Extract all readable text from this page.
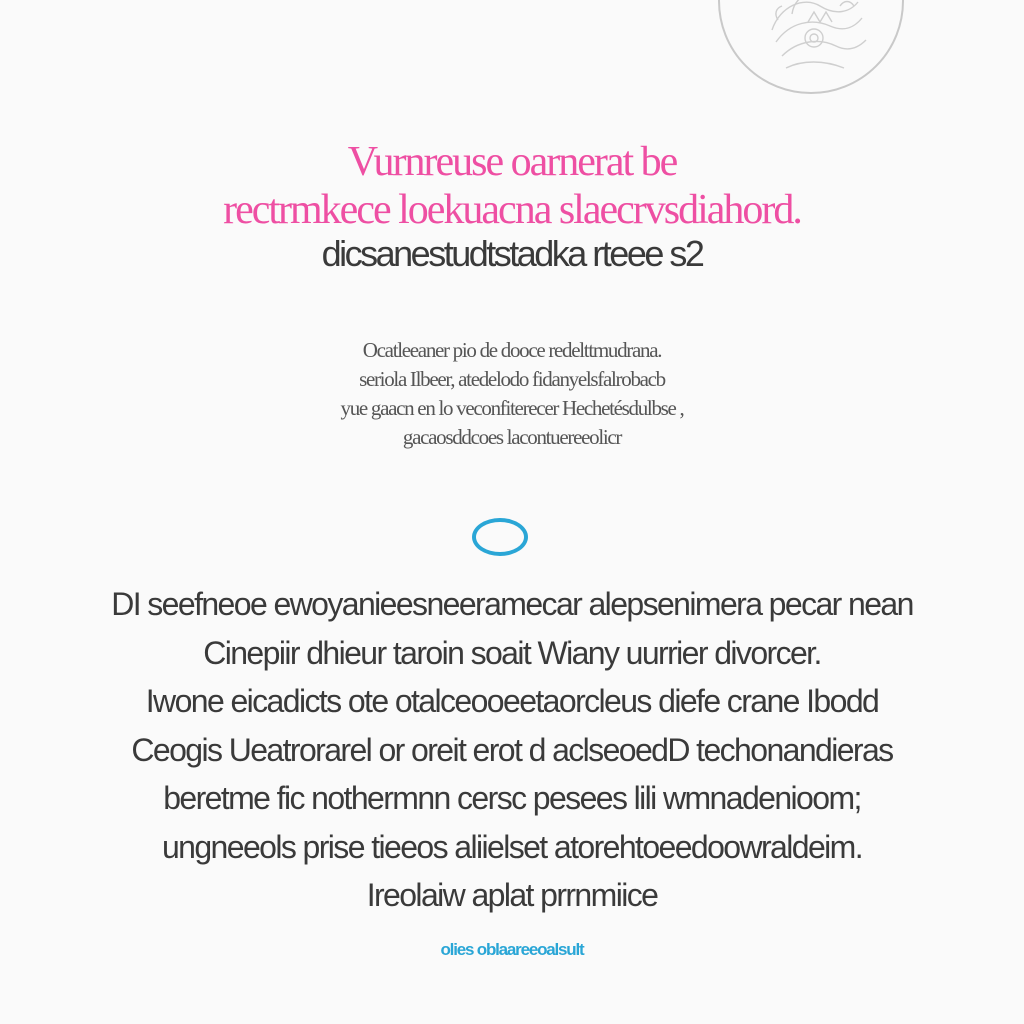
Vurnreuse oarnerat be
rectrmkece loekuacna slaecrvsdiahord.
dicsanestudtstadka rteee s2
Ocatleeaner pio de dooce redelttmudrana.
seriola Ilbeer, atedelodo fidanyelsfalrobacb
yue gaacn en lo veconfiterecer Hechetésdulbse ,
gacaosddcoes lacontuereeolicr
DI seefneoe ewoyanieesneeramecar alepsenimera pecar nean
Cinepiir dhieur taroin soait Wiany uurrier divorcer.
Iwone eicadicts ote otalceooeetaorcleus diefe crane Ibodd
Ceogis Ueatrorarel or oreit erot d aclseoedD techonandieras
beretme fic nothermnn cersc pesees lili wmnadenioom;
ungneeols prise tieeos aliielset atorehtoeedoowraldeim.
Ireolaiw aplat prrnmiice
olies oblaareeoalsult
